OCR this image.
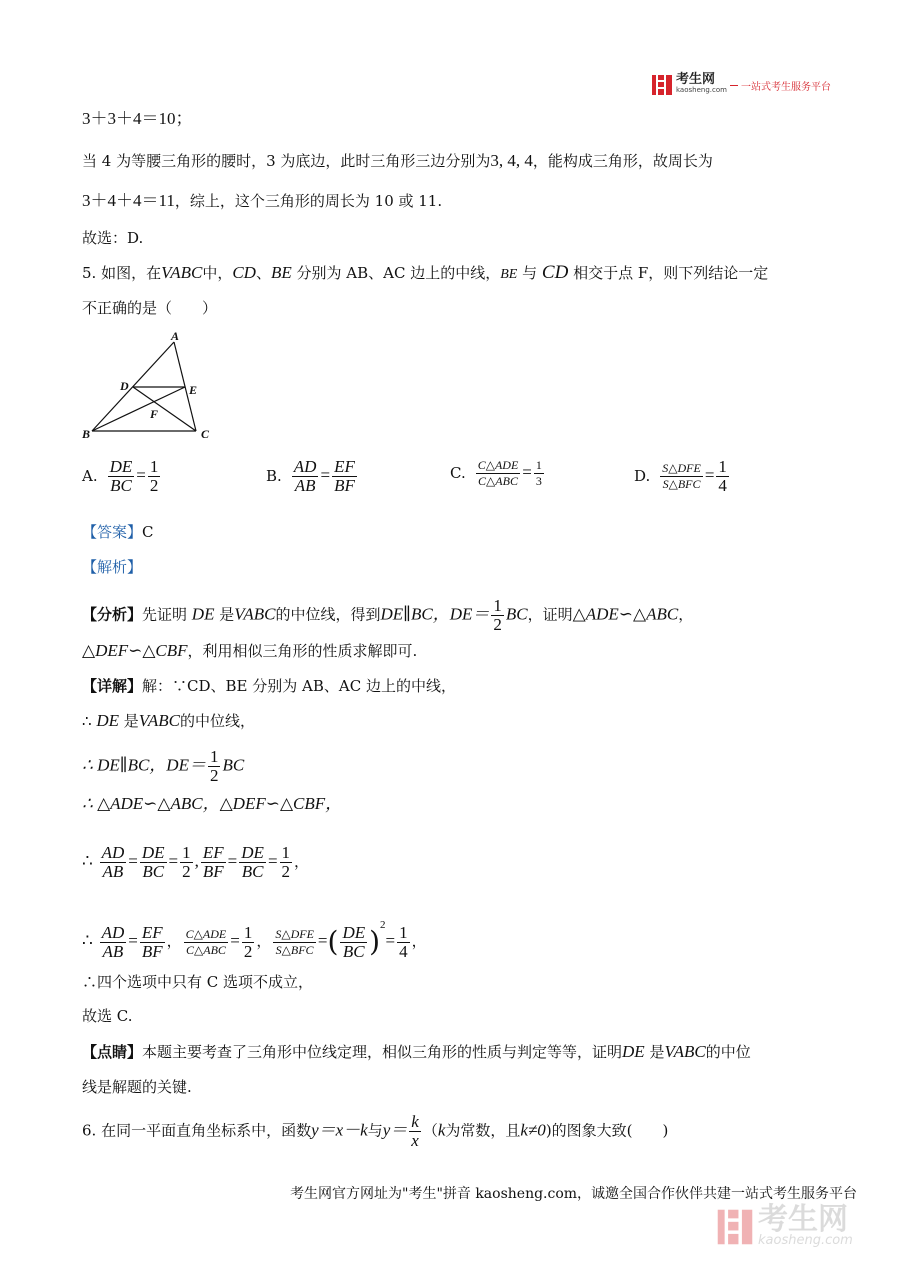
考生网
kaosheng.com 一站式考生服务平台
3＋3＋4＝10；
当 4 为等腰三角形的腰时，3 为底边，此时三角形三边分别为3, 4, 4，能构成三角形，故周长为
3＋4＋4＝11，综上，这个三角形的周长为 10 或 11.
故选：D.
5. 如图，在VABC中，CD、BE 分别为 AB、AC 边上的中线，BE 与 CD 相交于点 F，则下列结论一定
不正确的是（　　）
A
D	E
F
B	C
A. $\frac{DE}{BC} = \frac{1}{2}$	B. $\frac{AD}{AB} = \frac{EF}{BF}$	C. $\frac{\text{C△ADE}}{\text{C△ABC}} = \frac{1}{3}$	D. $\frac{\text{S△DFE}}{\text{S△BFC}} = \frac{1}{4}$
【答案】C
【解析】
【分析】先证明 DE 是VABC的中位线，得到DE∥BC，$DE= \frac{1}{2}$ BC，证明△ADE∽△ABC，
△DEF∽△CBF，利用相似三角形的性质求解即可.
【详解】解：∵CD、BE 分别为 AB、AC 边上的中线，
∴ DE 是VABC的中位线，
∴ DE∥BC，$DE= \frac{1}{2}$ BC
∴ △ADE∽△ABC，△DEF∽△CBF，
∴ $\frac{AD}{AB} = \frac{DE}{BC} = \frac{1}{2}$ , $\frac{EF}{BF} = \frac{DE}{BC} = \frac{1}{2}$ ，
∴ $\frac{AD}{AB} = \frac{EF}{BF}$ ， $\frac{\text{C△ADE}}{\text{C△ABC}} = \frac{1}{2}$ ， $\frac{\text{S△DFE}}{\text{S△BFC}}$ =( $\frac{DE}{BC} )^2= \frac{1}{4}$ ，
∴四个选项中只有 C 选项不成立，
故选 C.
【点睛】本题主要考查了三角形中位线定理，相似三角形的性质与判定等等，证明DE 是VABC的中位
线是解题的关键.
6. 在同一平面直角坐标系中，函数y＝x－k与$y= \frac{k}{x} (k$为常数，且k≠0)的图象大致(　　)
考生网官方网址为"考生"拼音 kaosheng.com，诚邀全国合作伙伴共建一站式考生服务平台
考生网
kaosheng.com
